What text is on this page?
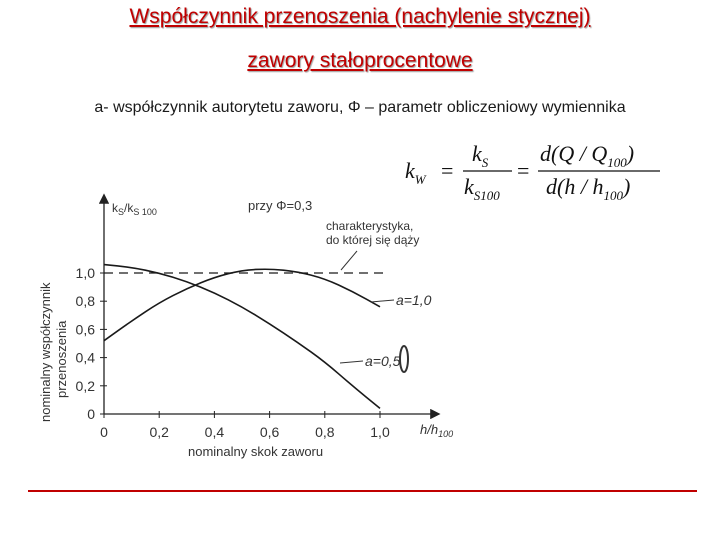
Współczynnik przenoszenia (nachylenie stycznej)
zawory stałoprocentowe
a- współczynnik autorytetu zaworu, Φ – parametr obliczeniowy wymiennika
$k_W$ =
$k_S$
$k_{S100}$
=
$d(Q / Q_{100})$
$d(h / h_{100})$
nominalny współczynnik przenoszenia
$k_S/k_{S 100}$	przy Φ=0,3
0
0,2
0,4
0,6
0,8
1,0
0	0,2	0,4	0,6	0,8	1,0
charakterystyka,
do której się dąży
a=1,0
a=0,5
$h/h_{100}$
nominalny skok zaworu
